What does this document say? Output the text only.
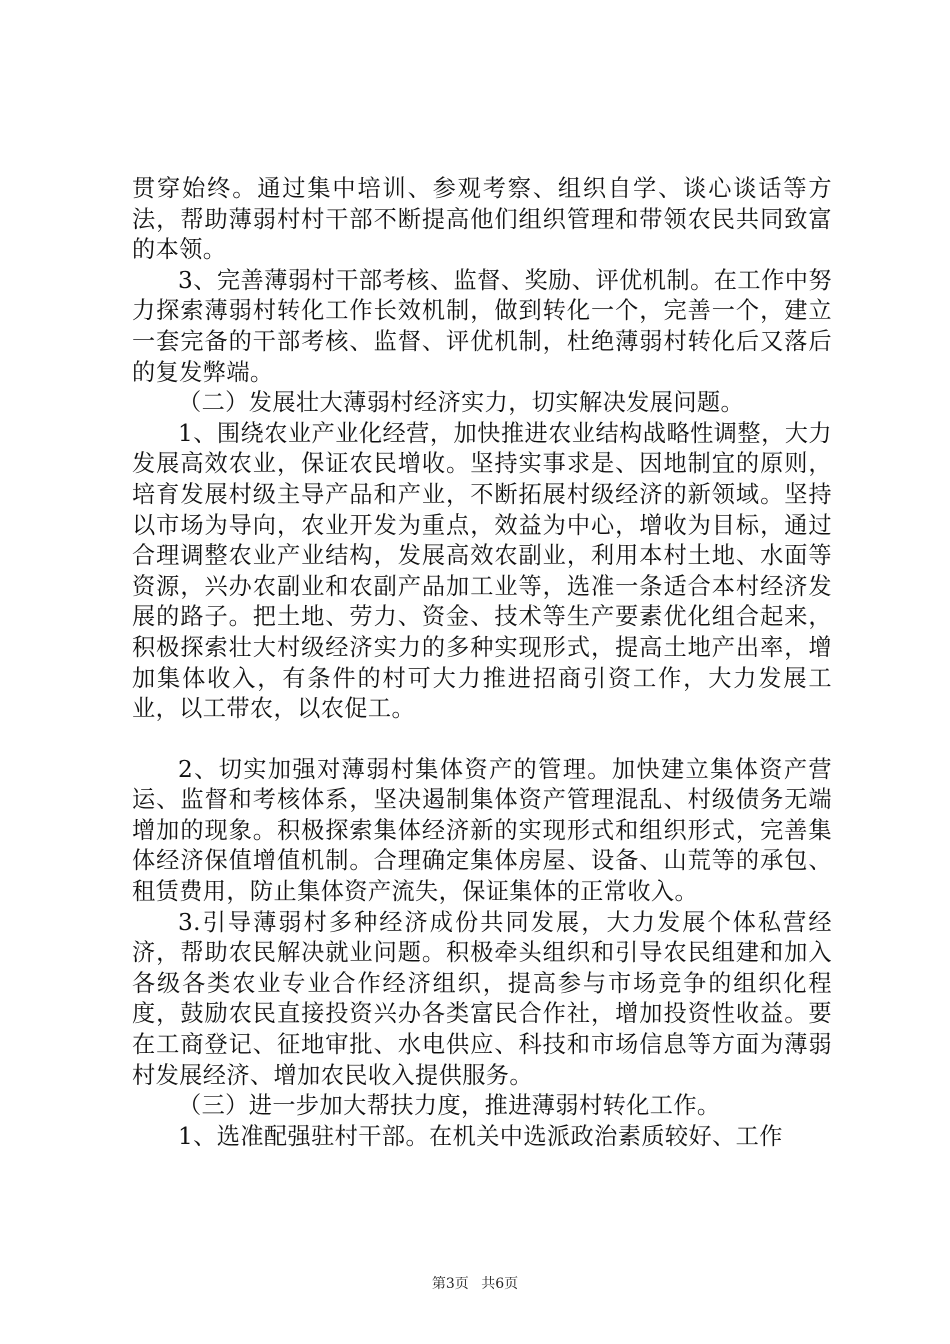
贯穿始终。通过集中培训、参观考察、组织自学、谈心谈话等方法，帮助薄弱村村干部不断提高他们组织管理和带领农民共同致富的本领。

3、完善薄弱村干部考核、监督、奖励、评优机制。在工作中努力探索薄弱村转化工作长效机制，做到转化一个，完善一个，建立一套完备的干部考核、监督、评优机制，杜绝薄弱村转化后又落后的复发弊端。

（二）发展壮大薄弱村经济实力，切实解决发展问题。

1、围绕农业产业化经营，加快推进农业结构战略性调整，大力发展高效农业，保证农民增收。坚持实事求是、因地制宜的原则，培育发展村级主导产品和产业，不断拓展村级经济的新领域。坚持以市场为导向，农业开发为重点，效益为中心，增收为目标，通过合理调整农业产业结构，发展高效农副业，利用本村土地、水面等资源，兴办农副业和农副产品加工业等，选准一条适合本村经济发展的路子。把土地、劳力、资金、技术等生产要素优化组合起来，积极探索壮大村级经济实力的多种实现形式，提高土地产出率，增加集体收入，有条件的村可大力推进招商引资工作，大力发展工业，以工带农，以农促工。

2、切实加强对薄弱村集体资产的管理。加快建立集体资产营运、监督和考核体系，坚决遏制集体资产管理混乱、村级债务无端增加的现象。积极探索集体经济新的实现形式和组织形式，完善集体经济保值增值机制。合理确定集体房屋、设备、山荒等的承包、租赁费用，防止集体资产流失，保证集体的正常收入。

3.引导薄弱村多种经济成份共同发展，大力发展个体私营经济，帮助农民解决就业问题。积极牵头组织和引导农民组建和加入各级各类农业专业合作经济组织，提高参与市场竞争的组织化程度，鼓励农民直接投资兴办各类富民合作社，增加投资性收益。要在工商登记、征地审批、水电供应、科技和市场信息等方面为薄弱村发展经济、增加农民收入提供服务。

（三）进一步加大帮扶力度，推进薄弱村转化工作。

1、选准配强驻村干部。在机关中选派政治素质较好、工作

第3页 共6页
